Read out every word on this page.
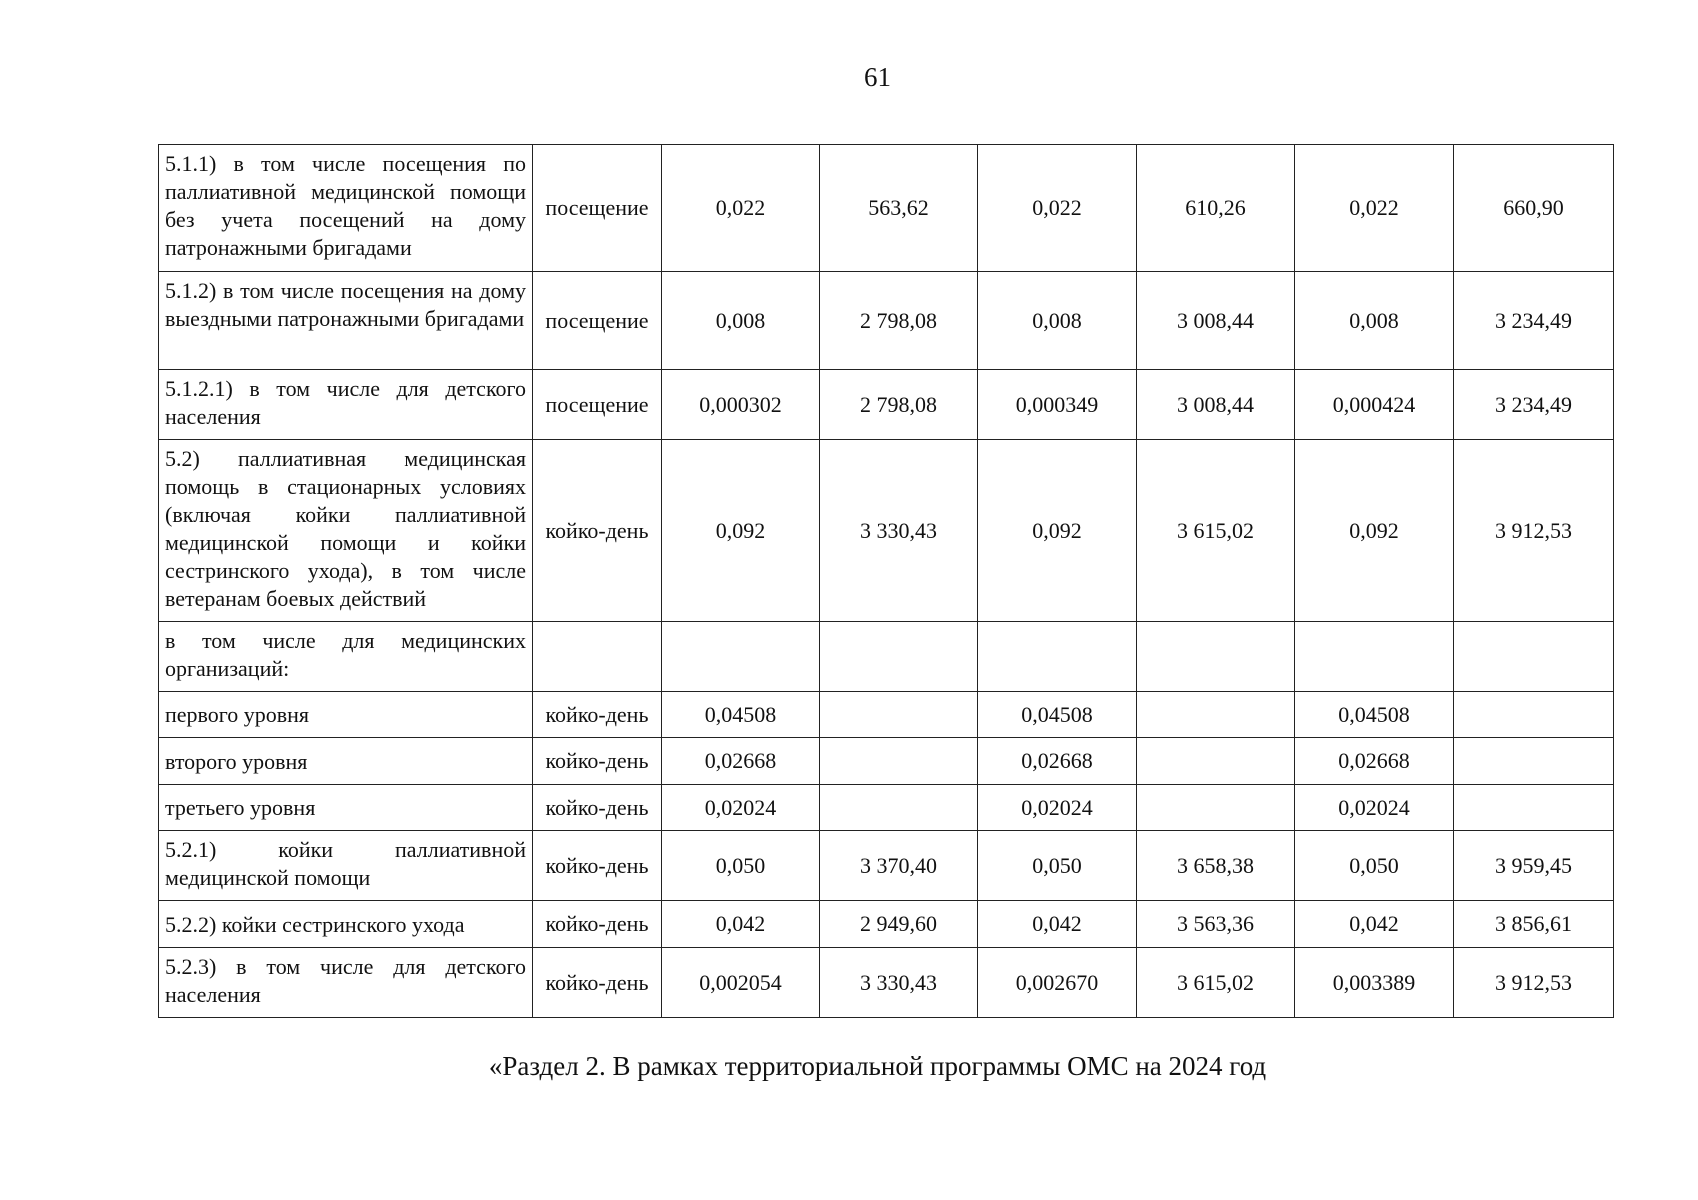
61
5.1.1) в том числе посещения по паллиативной медицинской помощи без учета посещений на дому патронажными бригадами	посещение	0,022	563,62	0,022	610,26	0,022	660,90
5.1.2) в том числе посещения на дому выездными патронажными бригадами	посещение	0,008	2 798,08	0,008	3 008,44	0,008	3 234,49
5.1.2.1) в том числе для детского населения	посещение	0,000302	2 798,08	0,000349	3 008,44	0,000424	3 234,49
5.2) паллиативная медицинская помощь в стационарных условиях (включая койки паллиативной медицинской помощи и койки сестринского ухода), в том числе ветеранам боевых действий	койко-день	0,092	3 330,43	0,092	3 615,02	0,092	3 912,53
в том числе для медицинских организаций:							
первого уровня	койко-день	0,04508		0,04508		0,04508	
второго уровня	койко-день	0,02668		0,02668		0,02668	
третьего уровня	койко-день	0,02024		0,02024		0,02024	
5.2.1) койки паллиативной медицинской помощи	койко-день	0,050	3 370,40	0,050	3 658,38	0,050	3 959,45
5.2.2) койки сестринского ухода	койко-день	0,042	2 949,60	0,042	3 563,36	0,042	3 856,61
5.2.3) в том числе для детского населения	койко-день	0,002054	3 330,43	0,002670	3 615,02	0,003389	3 912,53
«Раздел 2. В рамках территориальной программы ОМС на 2024 год
